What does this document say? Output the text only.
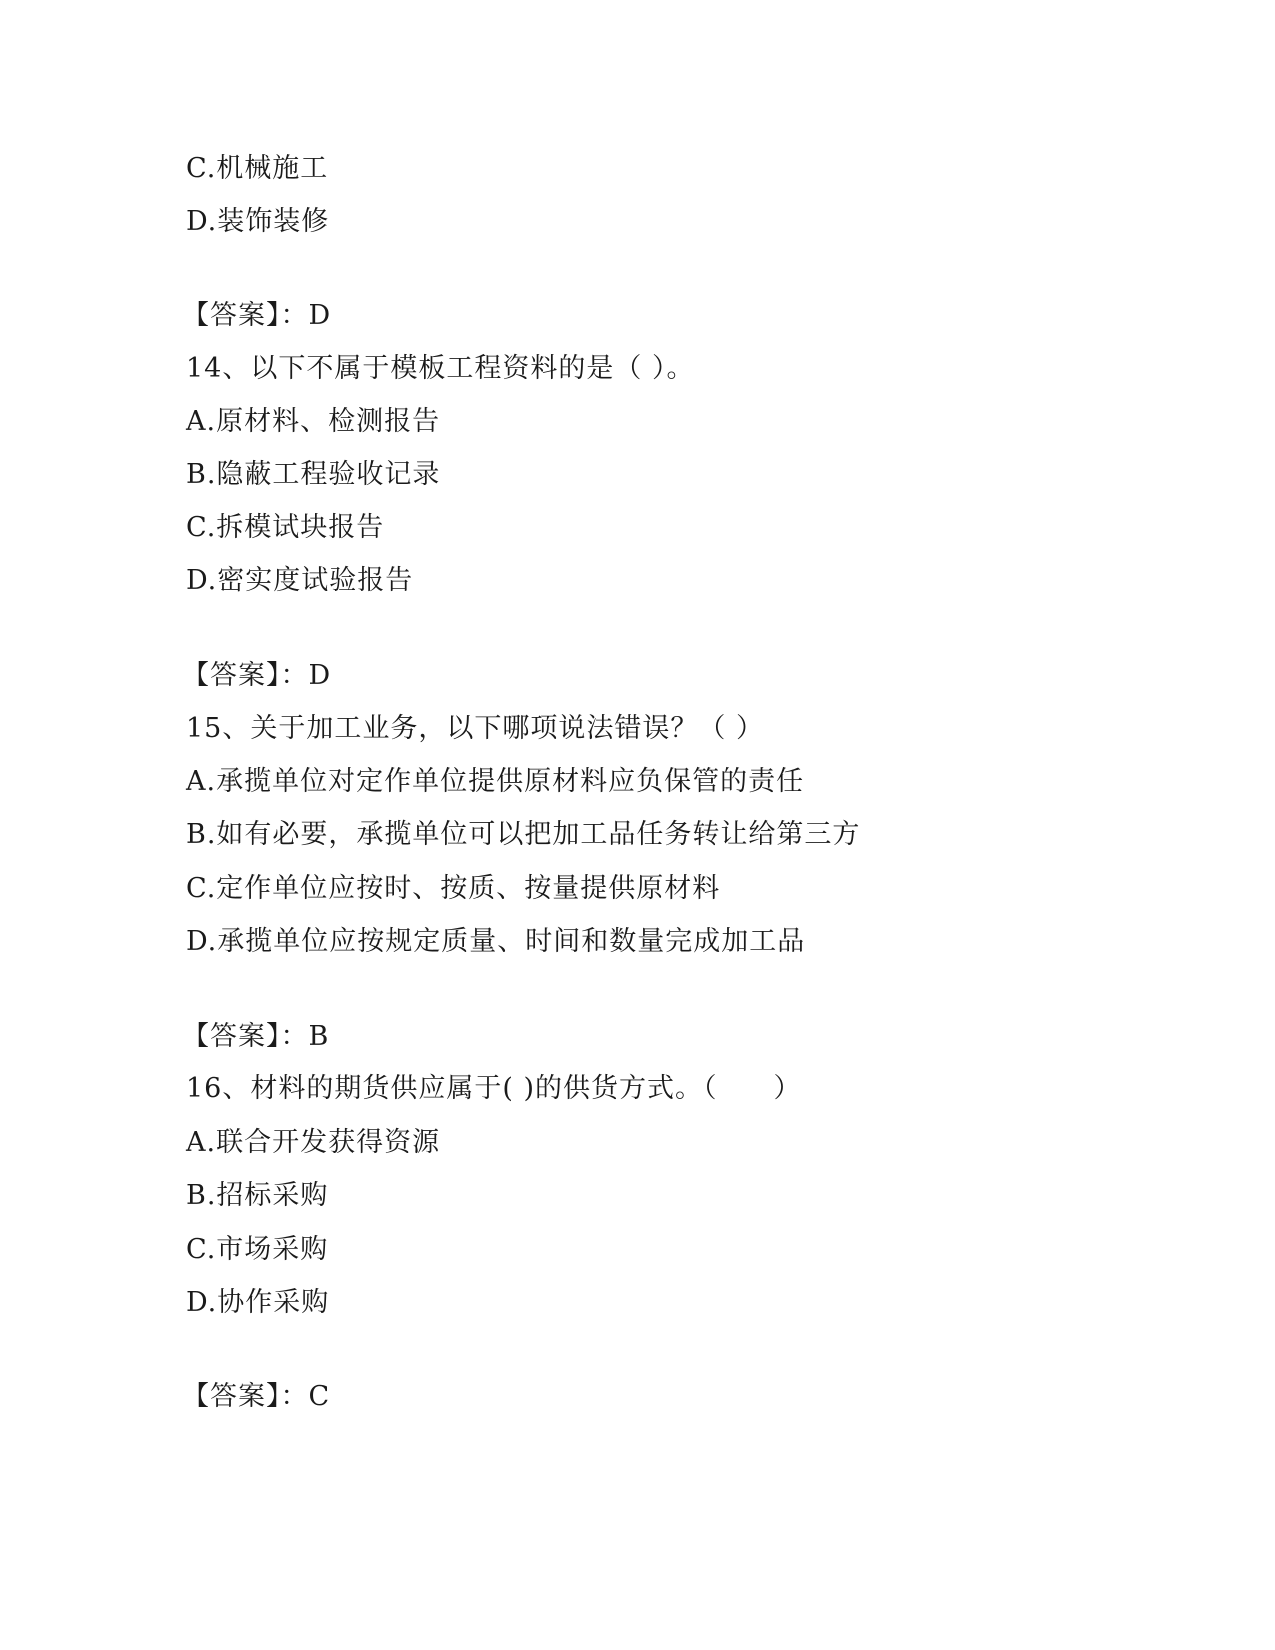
C.机械施工
D.装饰装修
【答案】：D
14、以下不属于模板工程资料的是（ ）。
A.原材料、检测报告
B.隐蔽工程验收记录
C.拆模试块报告
D.密实度试验报告
【答案】：D
15、关于加工业务，以下哪项说法错误？（ ）
A.承揽单位对定作单位提供原材料应负保管的责任
B.如有必要，承揽单位可以把加工品任务转让给第三方
C.定作单位应按时、按质、按量提供原材料
D.承揽单位应按规定质量、时间和数量完成加工品
【答案】：B
16、材料的期货供应属于( )的供货方式。（　　）
A.联合开发获得资源
B.招标采购
C.市场采购
D.协作采购
【答案】：C
